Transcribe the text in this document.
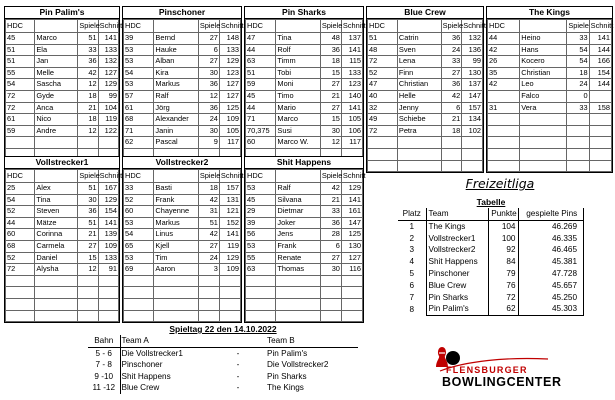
Pin Palim's
HDC		Spiele	Schnitt
45	Marco	51	141
51	Ela	33	133
51	Jan	36	132
55	Melle	42	127
54	Sascha	12	129
72	Gyde	18	99
72	Anca	21	104
61	Nico	18	119
59	Andre	12	122

Pinschoner
HDC		Spiele	Schnitt
39	Bernd	27	148
53	Hauke	6	133
53	Alban	27	129
54	Kira	30	123
53	Markus	36	127
57	Ralf	12	127
61	Jörg	36	125
68	Alexander	24	109
71	Janin	30	105
62	Pascal	9	117

Pin Sharks
HDC		Spiele	Schnitt
47	Tina	48	137
44	Rolf	36	141
63	Timm	18	115
51	Tobi	15	133
59	Moni	27	123
45	Timo	21	140
44	Mario	27	141
71	Marco	15	105
70,375	Susi	30	106
60	Marco W.	12	117

Blue Crew
HDC		Spiele	Schnitt
51	Catrin	36	132
48	Sven	24	136
72	Lena	33	99
52	Finn	27	130
47	Christian	36	137
40	Helle	42	147
32	Jenny	6	157
49	Schiebe	21	134
72	Petra	18	102

The Kings
HDC		Spiele	Schnitt
44	Heino	33	141
42	Hans	54	144
26	Kocero	54	166
35	Christian	18	154
42	Leo	24	144
	Falco	0	
31	Vera	33	158

Vollstrecker1
HDC		Spiele	Schnitt
25	Alex	51	167
54	Tina	30	129
52	Steven	36	154
44	Mätze	51	141
60	Corinna	21	139
68	Carmela	27	109
52	Daniel	15	133
72	Alysha	12	91

Vollstrecker2
HDC		Spiele	Schnitt
33	Basti	18	157
52	Frank	42	131
60	Chayenne	31	121
53	Markus	51	152
54	Linus	42	141
65	Kjell	27	119
53	Tim	24	129
69	Aaron	3	109

Shit Happens
HDC		Spiele	Schnitt
53	Ralf	42	129
45	Silvana	21	141
29	Dietmar	33	161
39	Joker	36	147
56	Jens	28	125
53	Frank	6	130
55	Renate	27	127
63	Thomas	30	116

Freizeitliga
Tabelle
Platz	Team	Punkte	gespielte Pins
1	The Kings	104	46.269
2	Vollstrecker1	100	46.335
3	Vollstrecker2	92	46.465
4	Shit Happens	84	45.381
5	Pinschoner	79	47.728
6	Blue Crew	76	45.657
7	Pin Sharks	72	45.250
8	Pin Palim's	62	45.303
Spieltag 22 den 14.10.2022
Bahn	Team A		Team B
5 - 6	Die Vollstrecker1	-	Pin Palim's
7 - 8	Pinschoner	-	Die Vollstrecker2
9 -10	Shit Happens	-	Pin Sharks
11 -12	Blue Crew	-	The Kings
FLENSBURGER
BOWLINGCENTER
